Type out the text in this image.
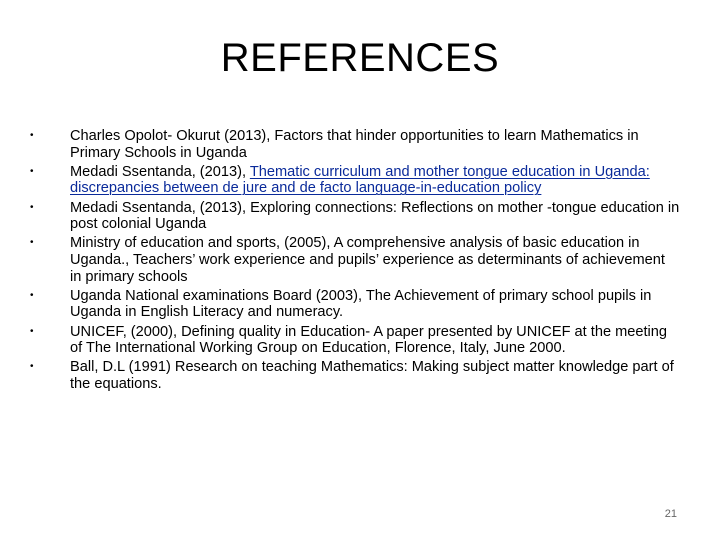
REFERENCES
•	Charles Opolot- Okurut (2013), Factors that hinder opportunities to learn Mathematics in Primary Schools in Uganda
•	Medadi Ssentanda, (2013), Thematic curriculum and mother tongue education in Uganda: discrepancies between de jure and de facto language-in-education policy
•	Medadi Ssentanda, (2013), Exploring connections: Reflections on mother -tongue education in post colonial Uganda
•	Ministry of education and sports, (2005), A comprehensive analysis of basic education in Uganda., Teachers’ work experience and pupils’ experience as determinants of achievement in primary schools
•	Uganda National examinations Board (2003), The Achievement of primary school pupils in Uganda in English Literacy and numeracy.
•	UNICEF, (2000), Defining quality in Education- A paper presented by UNICEF at the meeting of The International Working Group on Education, Florence, Italy, June 2000.
•	Ball, D.L (1991) Research on teaching Mathematics: Making subject matter knowledge part of the equations.
21
